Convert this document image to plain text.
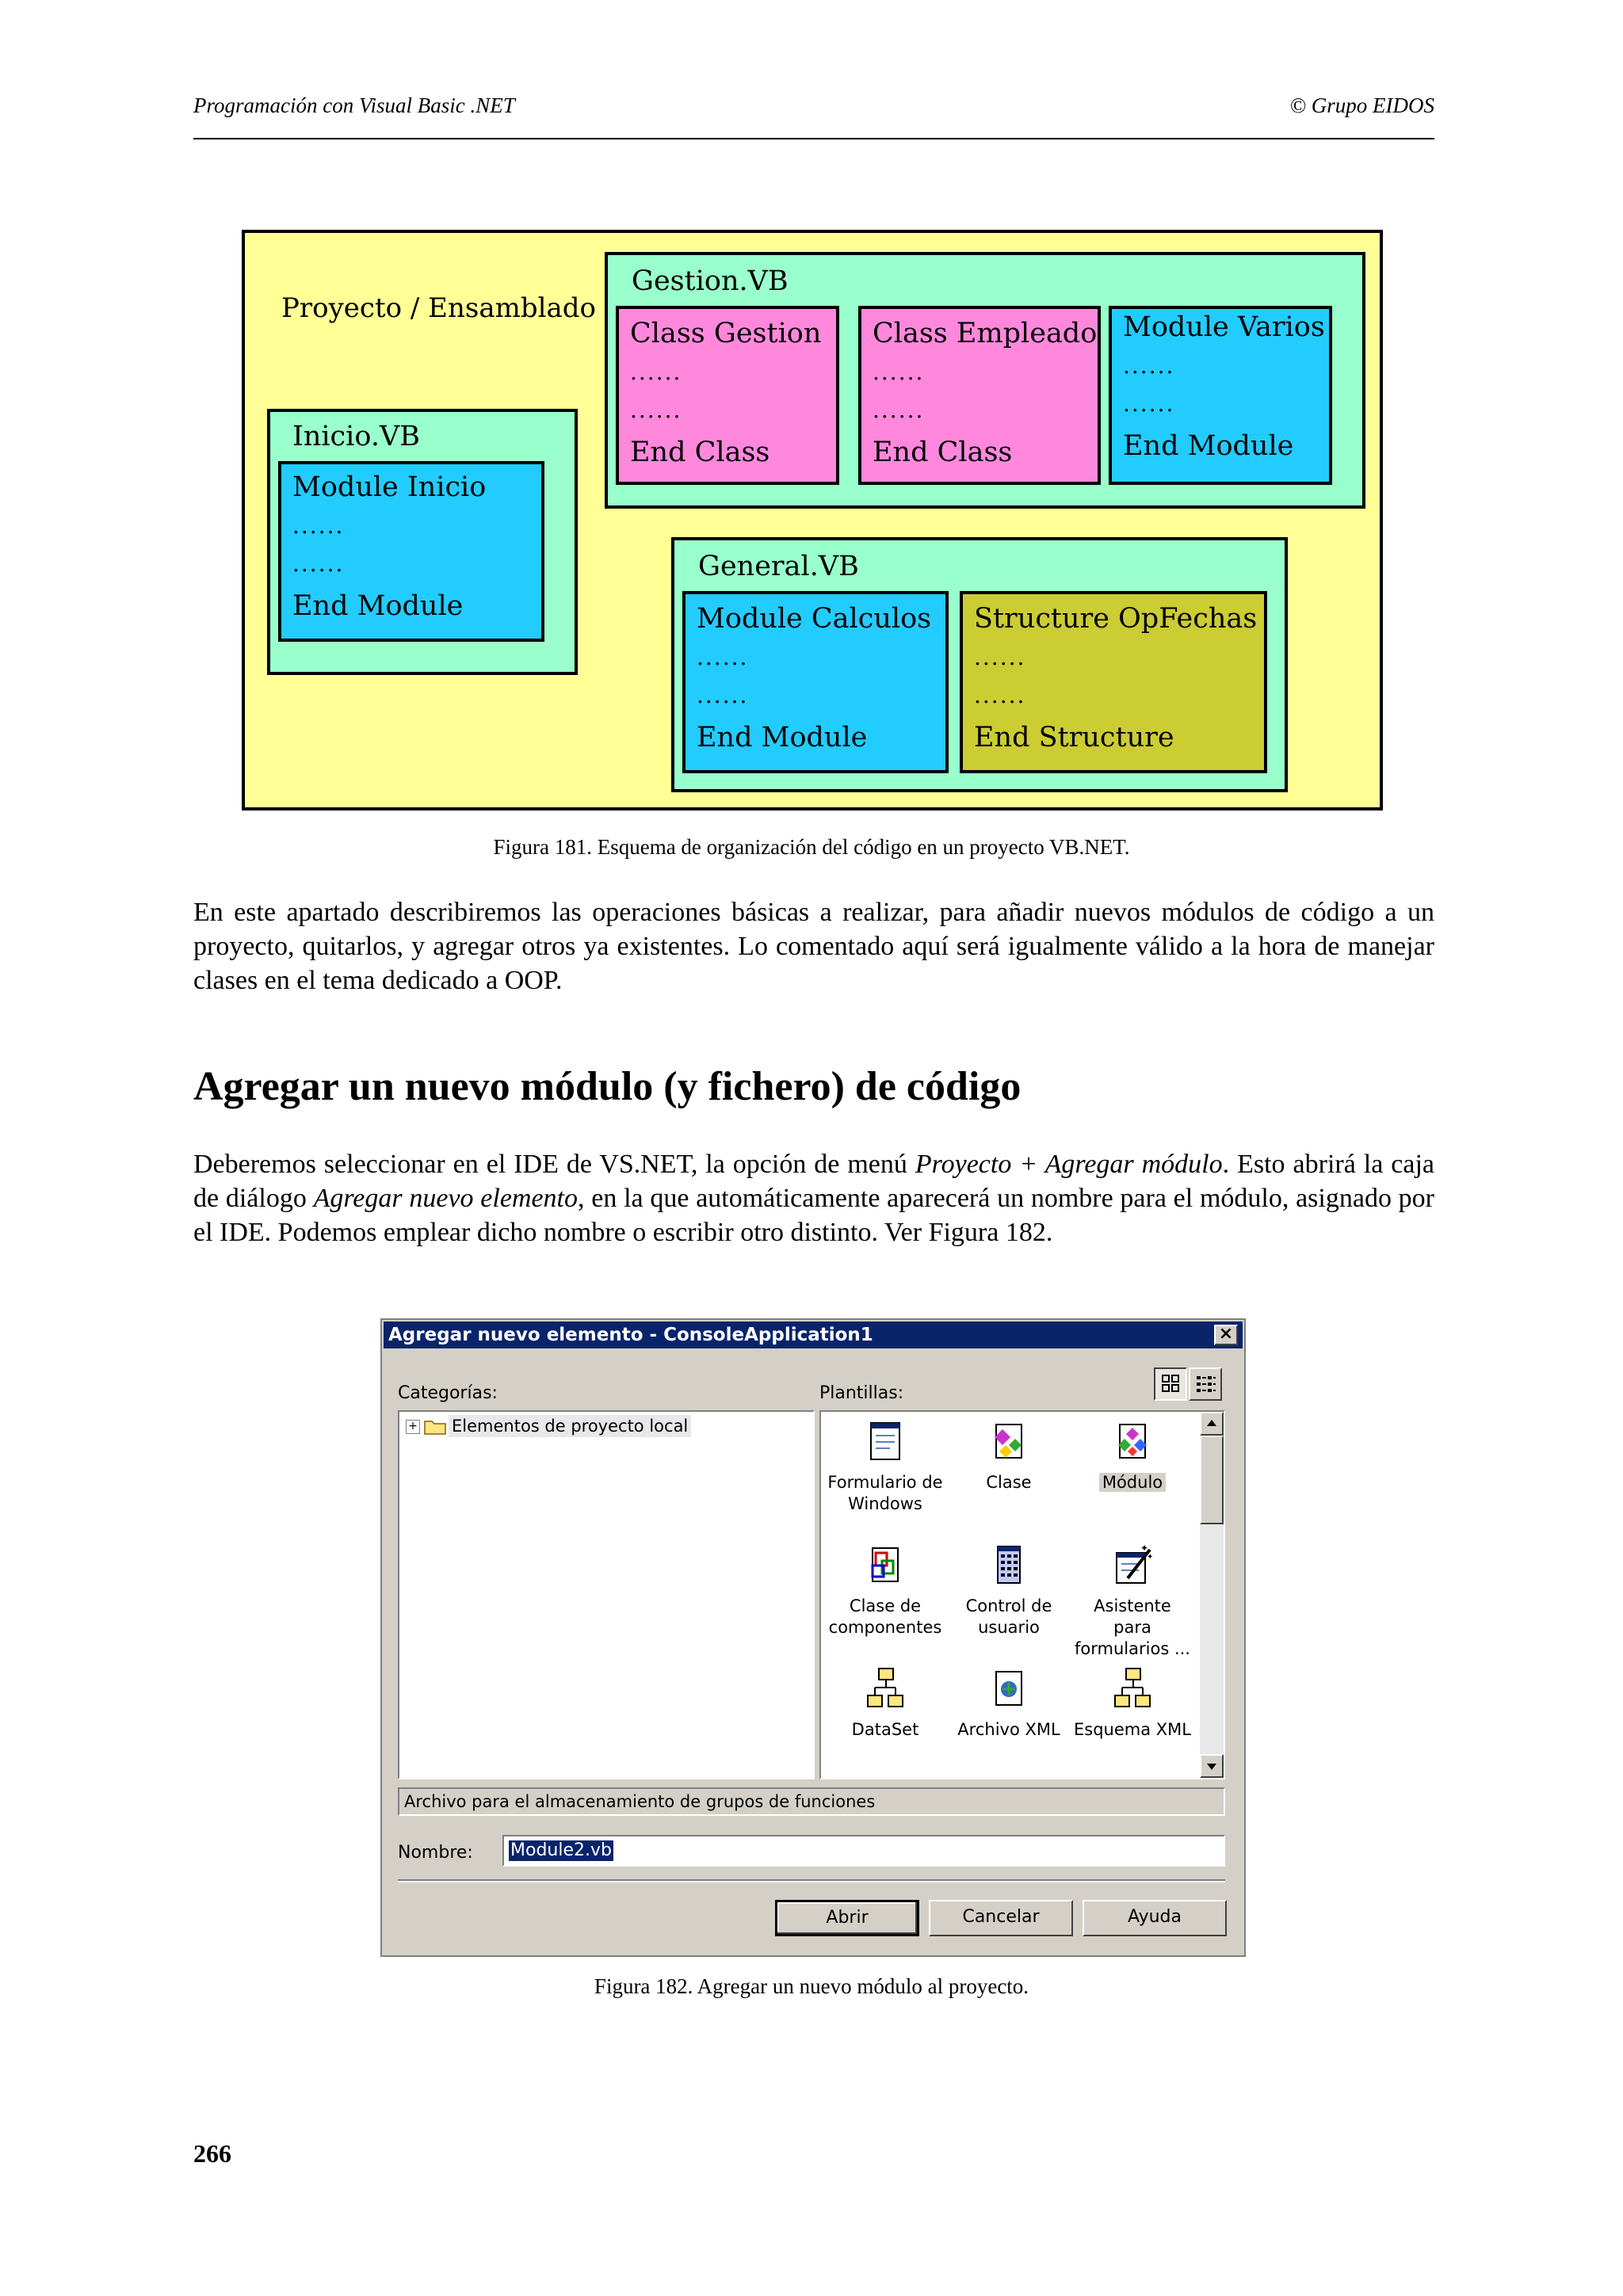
Programación con Visual Basic .NET	© Grupo EIDOS
Proyecto / Ensamblado
Inicio.VB
Module Inicio
......
......
End Module
Gestion.VB
Class Gestion
......
......
End Class
Class Empleado
......
......
End Class
Module Varios
......
......
End Module
General.VB
Module Calculos
......
......
End Module
Structure OpFechas
......
......
End Structure
Figura 181. Esquema de organización del código en un proyecto VB.NET.
En este apartado describiremos las operaciones básicas a realizar, para añadir nuevos módulos de código a un proyecto, quitarlos, y agregar otros ya existentes. Lo comentado aquí será igualmente válido a la hora de manejar clases en el tema dedicado a OOP.
Agregar un nuevo módulo (y fichero) de código
Deberemos seleccionar en el IDE de VS.NET, la opción de menú Proyecto + Agregar módulo. Esto abrirá la caja de diálogo Agregar nuevo elemento, en la que automáticamente aparecerá un nombre para el módulo, asignado por el IDE. Podemos emplear dicho nombre o escribir otro distinto. Ver Figura 182.
Agregar nuevo elemento - ConsoleApplication1	×
Categorías:	Plantillas:
+ Elementos de proyecto local
Formulario de Windows
Clase	Módulo
Clase de componentes
Control de usuario
✦
✦
Asistente para formularios ...
DataSet	Archivo XML Esquema XML
Archivo para el almacenamiento de grupos de funciones
Nombre: Module2.vb
Abrir	Cancelar	Ayuda
Figura 182. Agregar un nuevo módulo al proyecto.
266
